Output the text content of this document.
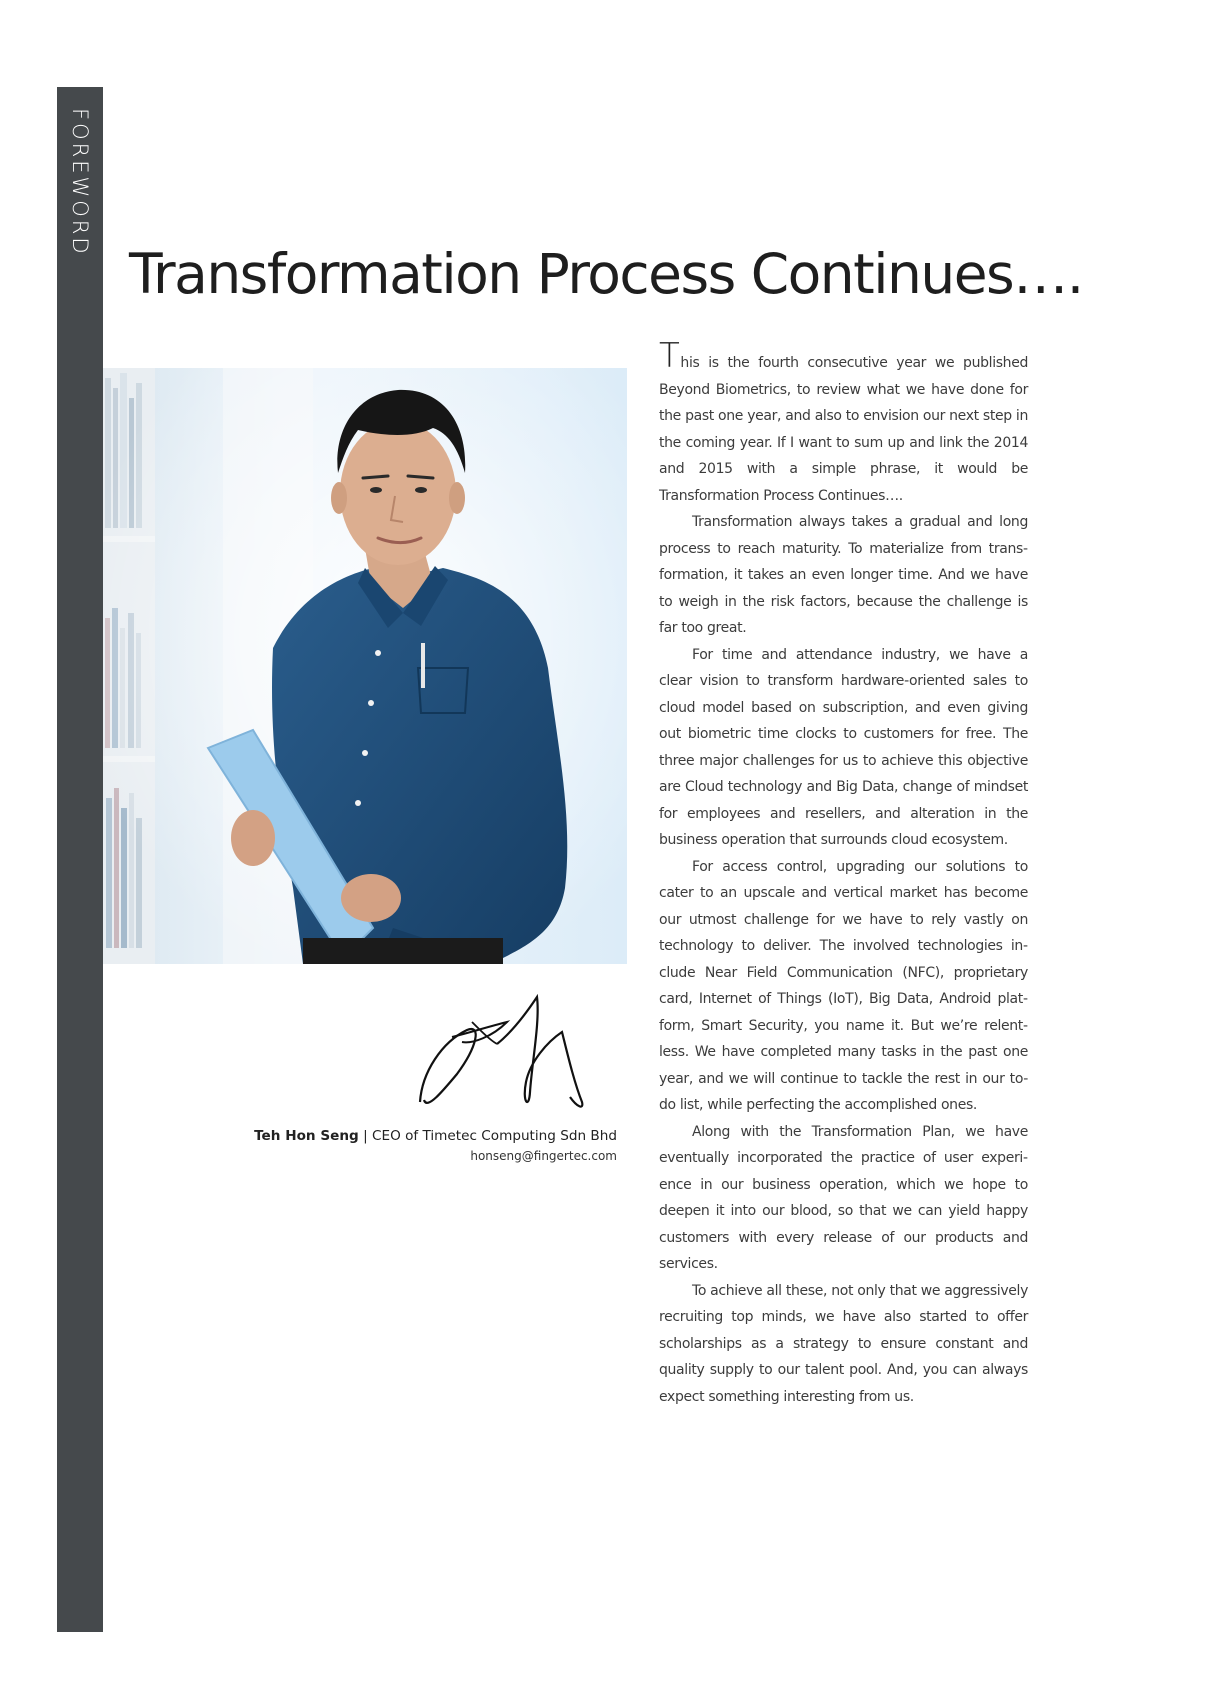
FOREWORD
Transformation Process Continues….
Teh Hon Seng | CEO of Timetec Computing Sdn Bhd
honseng@fingertec.com

This is the fourth consecutive year we published Beyond Biometrics, to review what we have done for the past one year, and also to envision our next step in the coming year. If I want to sum up and link the 2014 and 2015 with a simple phrase, it would be Transformation Process Continues….

Transformation always takes a gradual and long process to reach maturity. To materialize from transformation, it takes an even longer time. And we have to weigh in the risk factors, because the challenge is far too great.

For time and attendance industry, we have a clear vision to transform hardware-oriented sales to cloud model based on subscription, and even giving out biometric time clocks to customers for free. The three major challenges for us to achieve this objective are Cloud technology and Big Data, change of mindset for employees and resellers, and alteration in the business operation that surrounds cloud ecosystem.

For access control, upgrading our solutions to cater to an upscale and vertical market has become our utmost challenge for we have to rely vastly on technology to deliver. The involved technologies include Near Field Communication (NFC), proprietary card, Internet of Things (IoT), Big Data, Android platform, Smart Security, you name it. But we’re relentless. We have completed many tasks in the past one year, and we will continue to tackle the rest in our to-do list, while perfecting the accomplished ones.

Along with the Transformation Plan, we have eventually incorporated the practice of user experience in our business operation, which we hope to deepen it into our blood, so that we can yield happy customers with every release of our products and services.

To achieve all these, not only that we aggressively recruiting top minds, we have also started to offer scholarships as a strategy to ensure constant and quality supply to our talent pool. And, you can always expect something interesting from us.
